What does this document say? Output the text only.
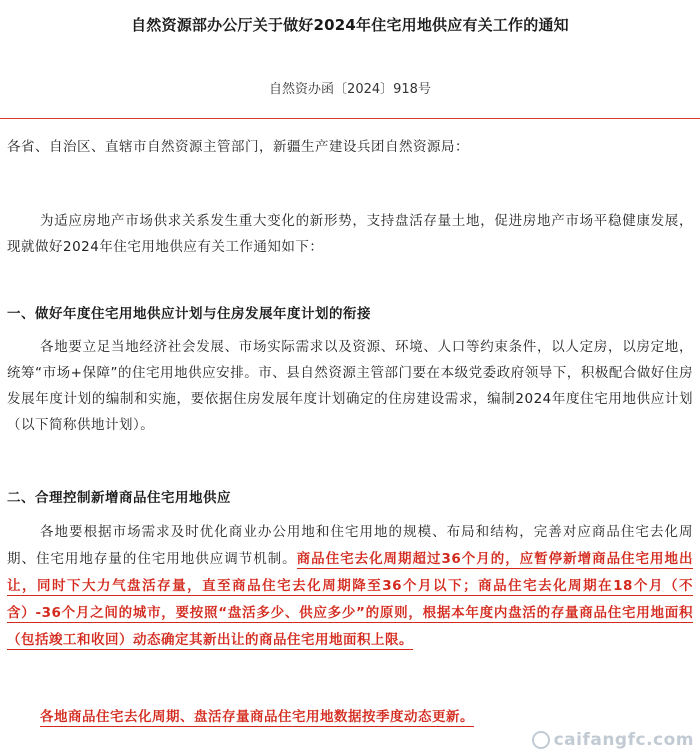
自然资源部办公厅关于做好2024年住宅用地供应有关工作的通知
自然资办函〔2024〕918号

各省、自治区、直辖市自然资源主管部门，新疆生产建设兵团自然资源局：

为适应房地产市场供求关系发生重大变化的新形势，支持盘活存量土地，促进房地产市场平稳健康发展，现就做好2024年住宅用地供应有关工作通知如下：

一、做好年度住宅用地供应计划与住房发展年度计划的衔接

各地要立足当地经济社会发展、市场实际需求以及资源、环境、人口等约束条件，以人定房，以房定地，统筹“市场+保障”的住宅用地供应安排。市、县自然资源主管部门要在本级党委政府领导下，积极配合做好住房发展年度计划的编制和实施，要依据住房发展年度计划确定的住房建设需求，编制2024年度住宅用地供应计划（以下简称供地计划）。

二、合理控制新增商品住宅用地供应

各地要根据市场需求及时优化商业办公用地和住宅用地的规模、布局和结构，完善对应商品住宅去化周期、住宅用地存量的住宅用地供应调节机制。商品住宅去化周期超过36个月的，应暂停新增商品住宅用地出让，同时下大力气盘活存量，直至商品住宅去化周期降至36个月以下；商品住宅去化周期在18个月（不含）-36个月之间的城市，要按照“盘活多少、供应多少”的原则，根据本年度内盘活的存量商品住宅用地面积（包括竣工和收回）动态确定其新出让的商品住宅用地面积上限。

各地商品住宅去化周期、盘活存量商品住宅用地数据按季度动态更新。

caifangfc.com
